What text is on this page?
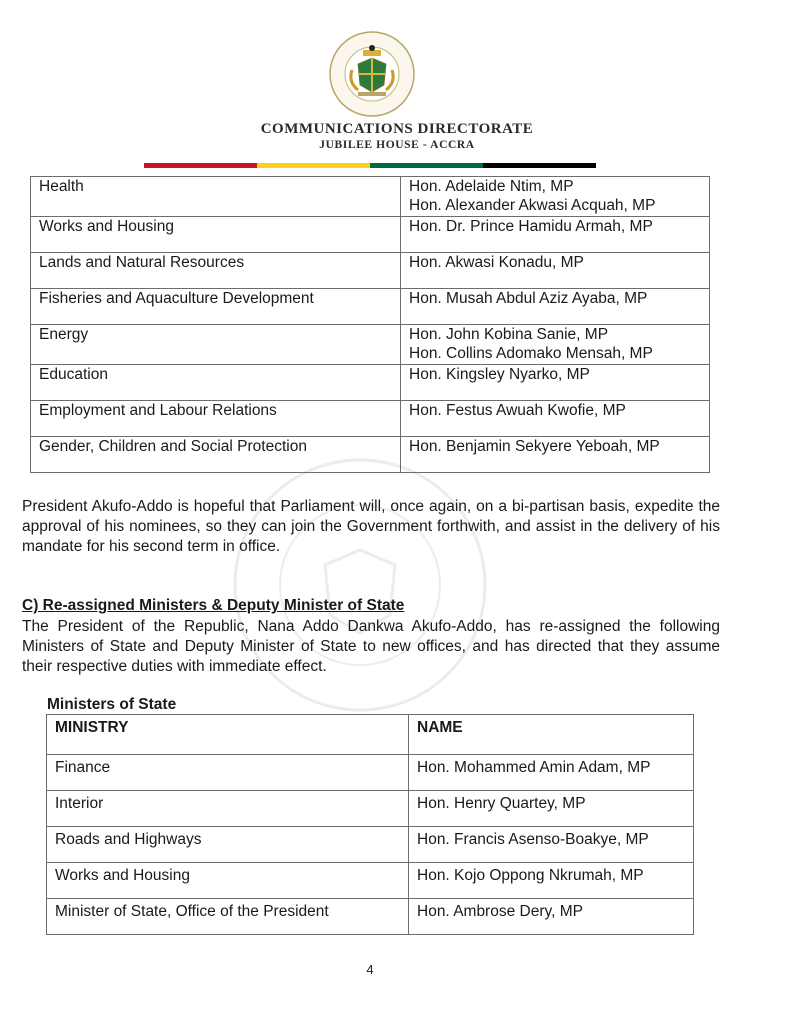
COMMUNICATIONS DIRECTORATE
JUBILEE HOUSE - ACCRA
Health	Hon. Adelaide Ntim, MP
Hon. Alexander Akwasi Acquah, MP

Works and Housing	Hon. Dr. Prince Hamidu Armah, MP
Lands and Natural Resources	Hon. Akwasi Konadu, MP
Fisheries and Aquaculture Development	Hon. Musah Abdul Aziz Ayaba, MP
Energy	Hon. John Kobina Sanie, MP
Hon. Collins Adomako Mensah, MP

Education	Hon. Kingsley Nyarko, MP
Employment and Labour Relations	Hon. Festus Awuah Kwofie, MP
Gender, Children and Social Protection	Hon. Benjamin Sekyere Yeboah, MP
President Akufo-Addo is hopeful that Parliament will, once again, on a bi-partisan basis, expedite the approval of his nominees, so they can join the Government forthwith, and assist in the delivery of his mandate for his second term in office.
C) Re-assigned Ministers & Deputy Minister of State
The President of the Republic, Nana Addo Dankwa Akufo-Addo, has re-assigned the following Ministers of State and Deputy Minister of State to new offices, and has directed that they assume their respective duties with immediate effect.
Ministers of State
MINISTRY	NAME
Finance	Hon. Mohammed Amin Adam, MP
Interior	Hon. Henry Quartey, MP
Roads and Highways	Hon. Francis Asenso-Boakye, MP
Works and Housing	Hon. Kojo Oppong Nkrumah, MP
Minister of State, Office of the President	Hon. Ambrose Dery, MP
4
